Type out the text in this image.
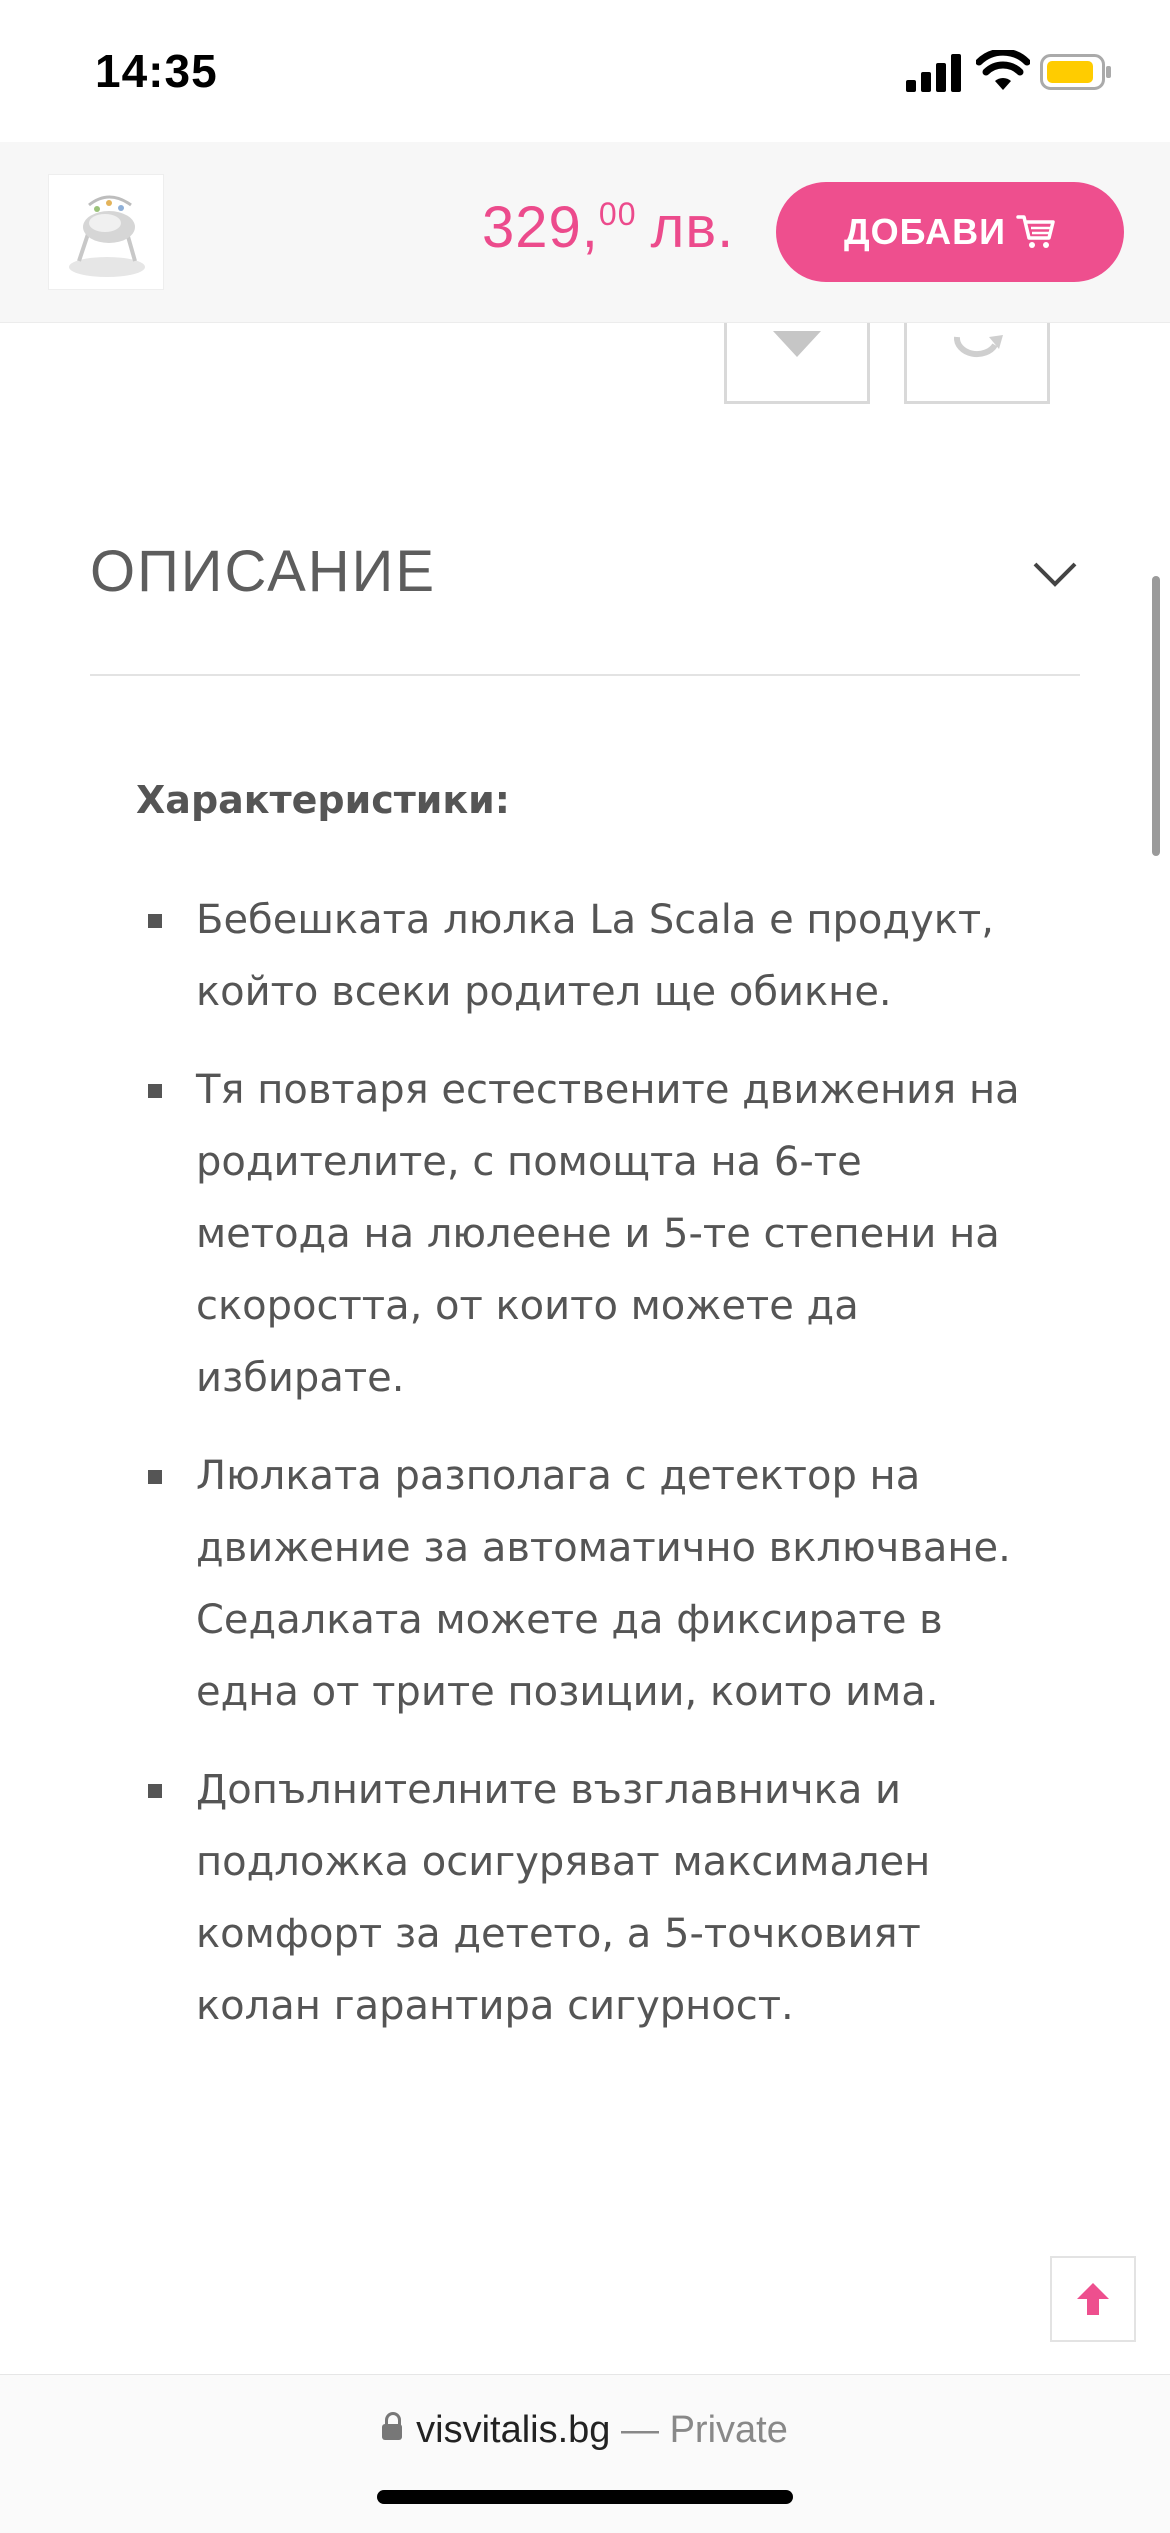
14:35
329,00 лв.	ДОБАВИ
ОПИСАНИЕ
Характеристики:
Бебешката люлка La Scala е продукт, който всеки родител ще обикне.
Тя повтаря естествените движения на родителите, с помощта на 6-те метода на люлеене и 5-те степени на скоростта, от които можете да избирате.
Люлката разполага с детектор на движение за автоматично включване. Седалката можете да фиксирате в една от трите позиции, които има.
Допълнителните възглавничка и подложка осигуряват максимален комфорт за детето, а 5-точковият колан гарантира сигурност.
visvitalis.bg — Private
